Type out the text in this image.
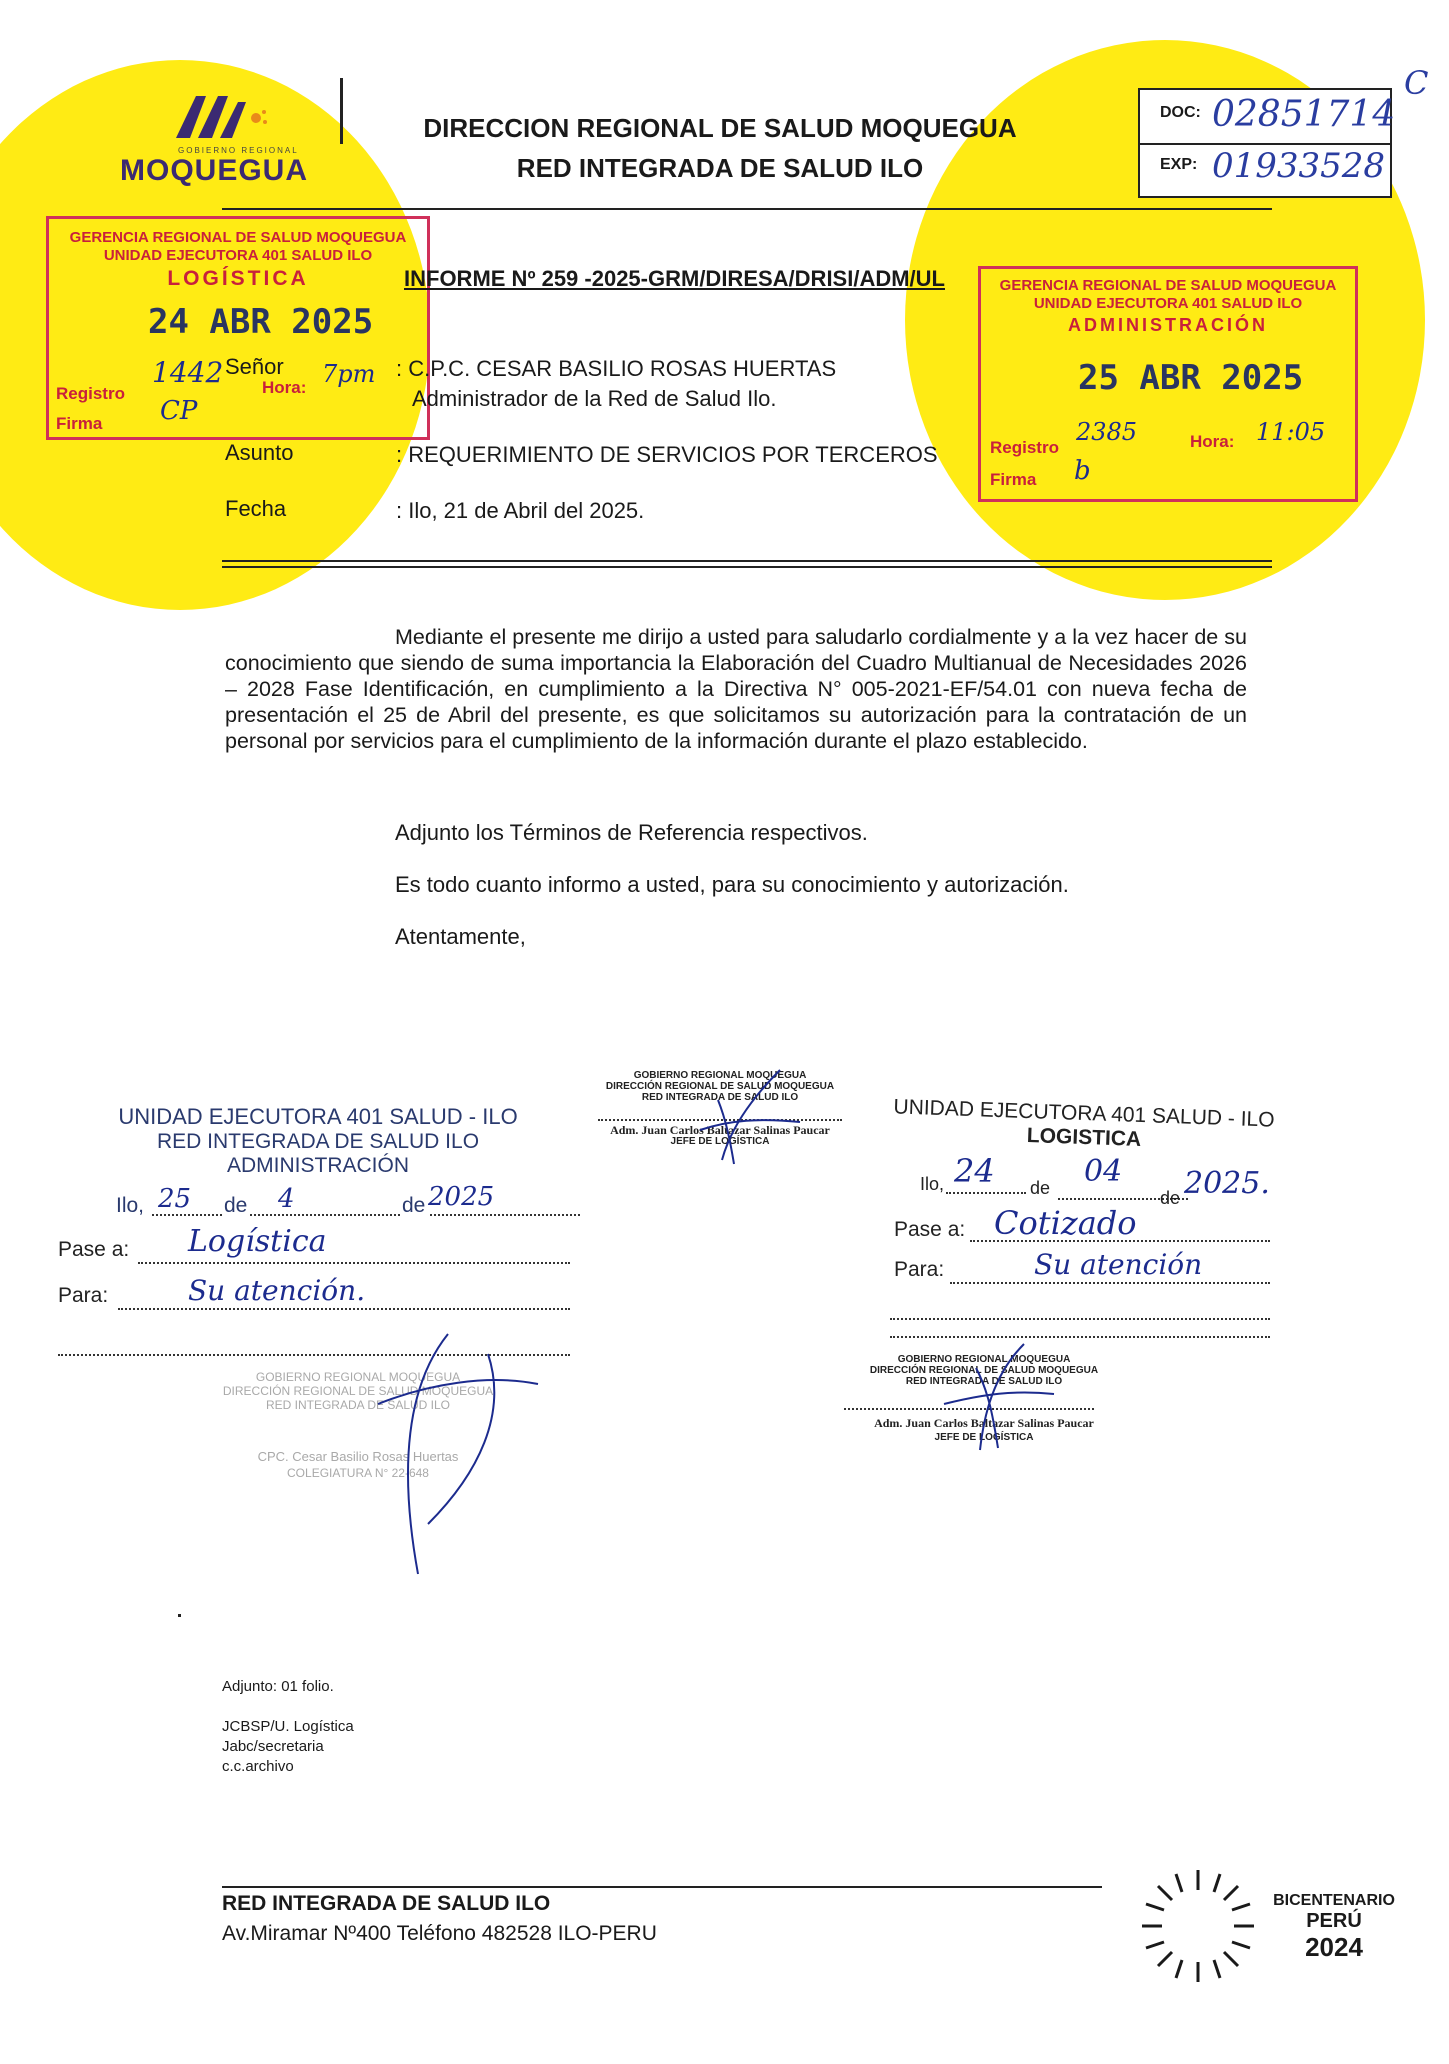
GOBIERNO REGIONAL
MOQUEGUA
DIRECCION REGIONAL DE SALUD MOQUEGUA
RED INTEGRADA DE SALUD ILO
DOC: 02851714
EXP: 01933528
C
GERENCIA REGIONAL DE SALUD MOQUEGUA
UNIDAD EJECUTORA 401 SALUD ILO
LOGÍSTICA
24 ABR 2025
1442
Registro	Hora: 7pm
Firma CP
INFORME Nº 259 -2025-GRM/DIRESA/DRISI/ADM/UL	GERENCIA REGIONAL DE SALUD MOQUEGUA
UNIDAD EJECUTORA 401 SALUD ILO
ADMINISTRACIÓN
25 ABR 2025
Registro
2385	Hora: 11:05
Firma b
Señor	: C.P.C. CESAR BASILIO ROSAS HUERTAS
Administrador de la Red de Salud Ilo.
Asunto	: REQUERIMIENTO DE SERVICIOS POR TERCEROS
Fecha	: Ilo, 21 de Abril del 2025.
Mediante el presente me dirijo a usted para saludarlo cordialmente y a la vez hacer de su conocimiento que siendo de suma importancia la Elaboración del Cuadro Multianual de Necesidades 2026 – 2028 Fase Identificación, en cumplimiento a la Directiva N° 005-2021-EF/54.01 con nueva fecha de presentación el 25 de Abril del presente, es que solicitamos su autorización para la contratación de un personal por servicios para el cumplimiento de la información durante el plazo establecido.
Adjunto los Términos de Referencia respectivos.
Es todo cuanto informo a usted, para su conocimiento y autorización.
Atentamente,
GOBIERNO REGIONAL MOQUEGUA
DIRECCIÓN REGIONAL DE SALUD MOQUEGUA
RED INTEGRADA DE SALUD ILO
Adm. Juan Carlos Baltazar Salinas Paucar
JEFE DE LOGÍSTICA
UNIDAD EJECUTORA 401 SALUD - ILO
RED INTEGRADA DE SALUD ILO
ADMINISTRACIÓN
Ilo, 25 de 4	de 2025
Pase a: Logística
Para:	Su atención.
GOBIERNO REGIONAL MOQUEGUA
DIRECCIÓN REGIONAL DE SALUD MOQUEGUA
RED INTEGRADA DE SALUD ILO
CPC. Cesar Basilio Rosas Huertas
COLEGIATURA N° 22-648
UNIDAD EJECUTORA 401 SALUD - ILO
LOGISTICA
Ilo, 24 de 04
de 2025.
Pase a: Cotizado
Para:	Su atención
GOBIERNO REGIONAL MOQUEGUA
DIRECCIÓN REGIONAL DE SALUD MOQUEGUA
RED INTEGRADA DE SALUD ILO
Adm. Juan Carlos Baltazar Salinas Paucar
JEFE DE LOGÍSTICA
Adjunto: 01 folio.
JCBSP/U. Logística
Jabc/secretaria
c.c.archivo
RED INTEGRADA DE SALUD ILO
Av.Miramar Nº400 Teléfono 482528 ILO-PERU
BICENTENARIO
PERÚ
2024
